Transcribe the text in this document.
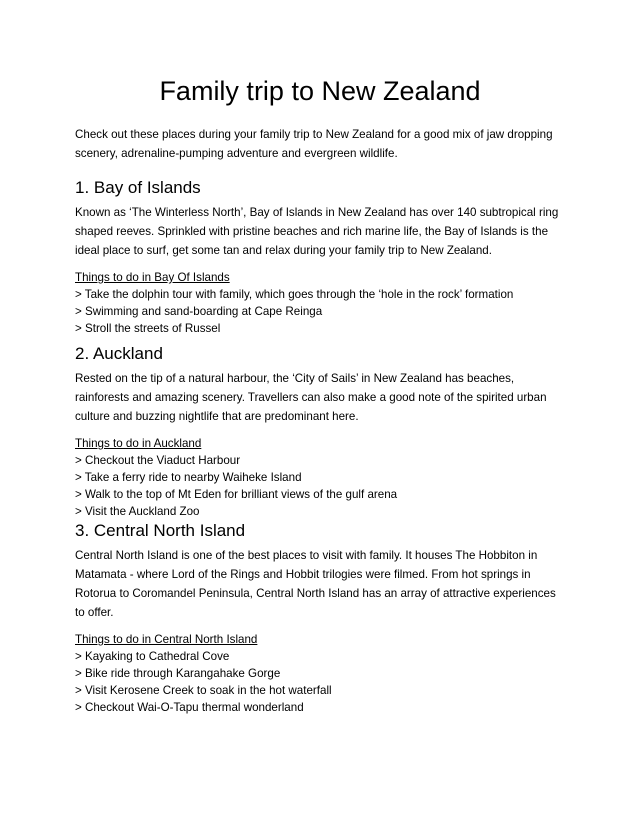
Family trip to New Zealand

Check out these places during your family trip to New Zealand for a good mix of jaw dropping scenery, adrenaline-pumping adventure and evergreen wildlife.

1. Bay of Islands

Known as ‘The Winterless North’, Bay of Islands in New Zealand has over 140 subtropical ring shaped reeves. Sprinkled with pristine beaches and rich marine life, the Bay of Islands is the ideal place to surf, get some tan and relax during your family trip to New Zealand.

Things to do in Bay Of Islands

> Take the dolphin tour with family, which goes through the ‘hole in the rock’ formation
> Swimming and sand-boarding at Cape Reinga
> Stroll the streets of Russel
2. Auckland

Rested on the tip of a natural harbour, the ‘City of Sails’ in New Zealand has beaches, rainforests and amazing scenery. Travellers can also make a good note of the spirited urban culture and buzzing nightlife that are predominant here.

Things to do in Auckland

> Checkout the Viaduct Harbour
> Take a ferry ride to nearby Waiheke Island
> Walk to the top of Mt Eden for brilliant views of the gulf arena
> Visit the Auckland Zoo
3. Central North Island

Central North Island is one of the best places to visit with family. It houses The Hobbiton in Matamata - where Lord of the Rings and Hobbit trilogies were filmed. From hot springs in Rotorua to Coromandel Peninsula, Central North Island has an array of attractive experiences to offer.

Things to do in Central North Island

> Kayaking to Cathedral Cove
> Bike ride through Karangahake Gorge
> Visit Kerosene Creek to soak in the hot waterfall
> Checkout Wai-O-Tapu thermal wonderland
